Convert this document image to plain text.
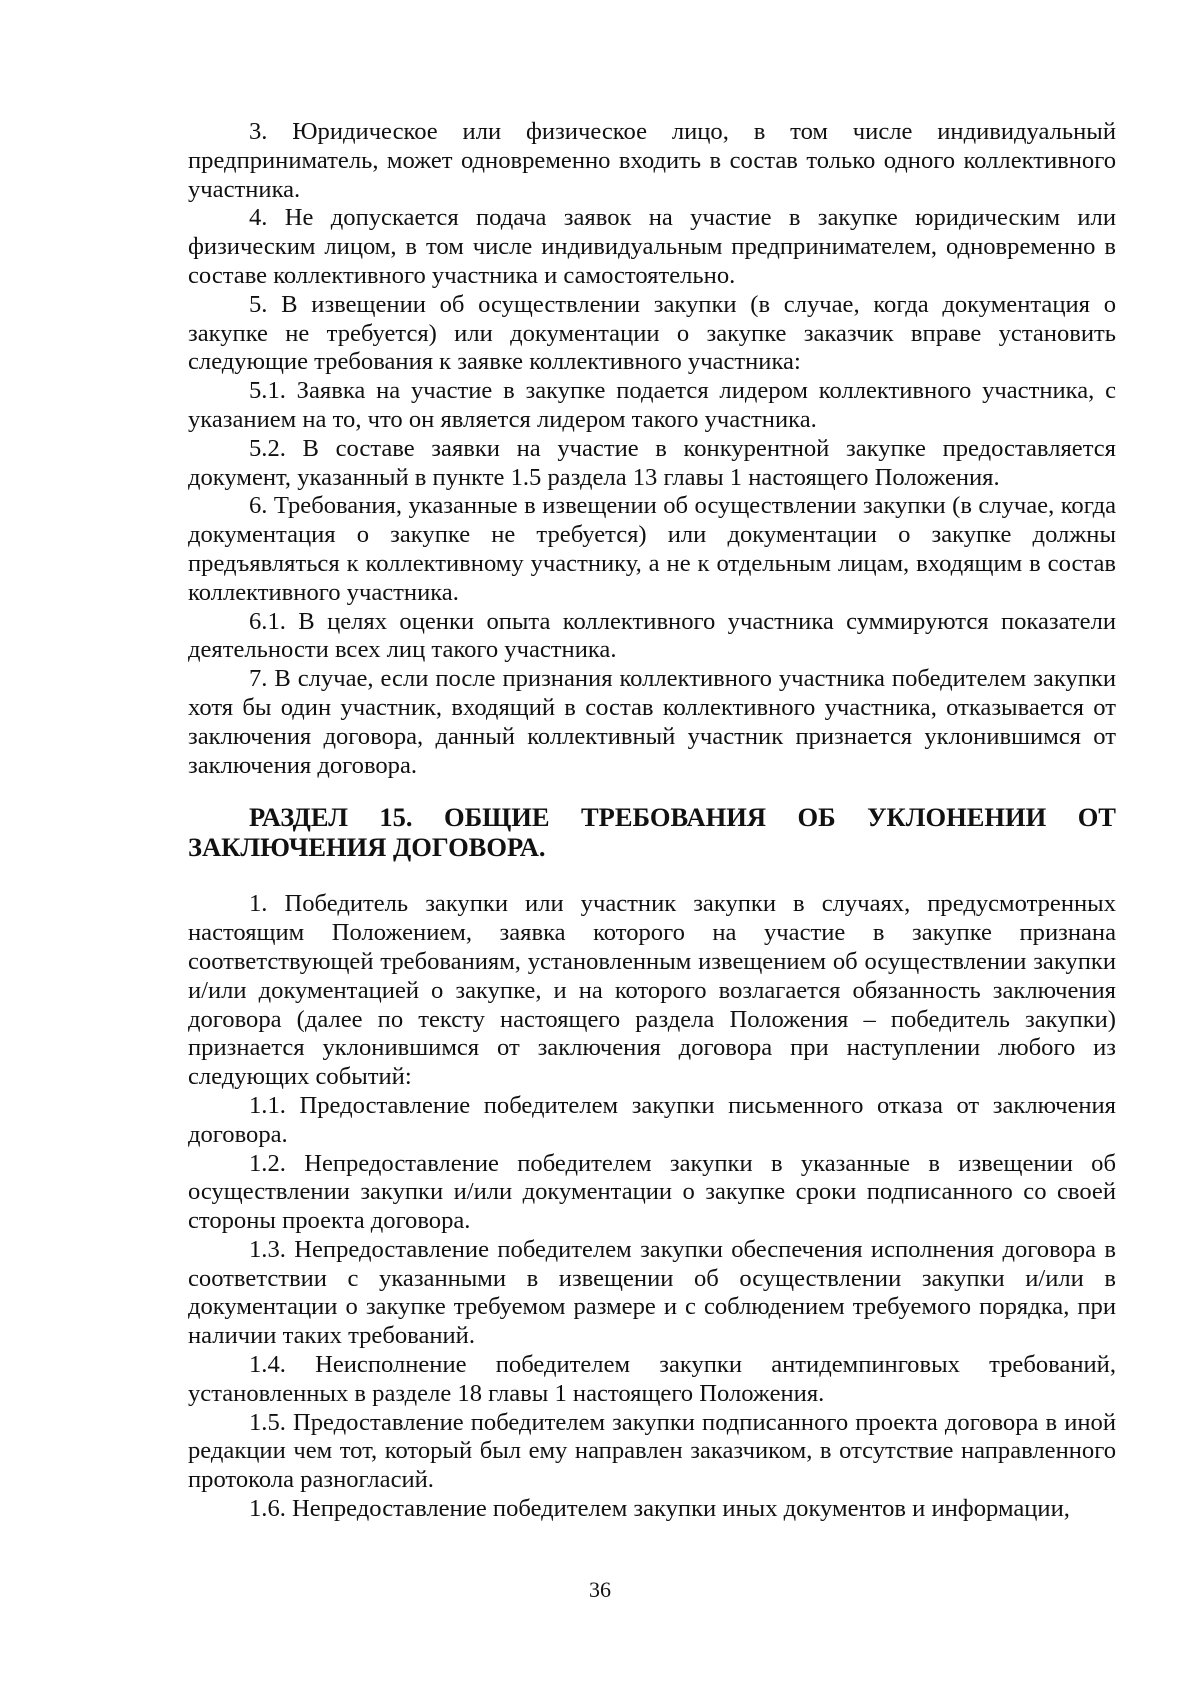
3. Юридическое или физическое лицо, в том числе индивидуальный предприниматель, может одновременно входить в состав только одного коллективного участника.

4. Не допускается подача заявок на участие в закупке юридическим или физическим лицом, в том числе индивидуальным предпринимателем, одновременно в составе коллективного участника и самостоятельно.

5. В извещении об осуществлении закупки (в случае, когда документация о закупке не требуется) или документации о закупке заказчик вправе установить следующие требования к заявке коллективного участника:

5.1. Заявка на участие в закупке подается лидером коллективного участника, с указанием на то, что он является лидером такого участника.

5.2. В составе заявки на участие в конкурентной закупке предоставляется документ, указанный в пункте 1.5 раздела 13 главы 1 настоящего Положения.

6. Требования, указанные в извещении об осуществлении закупки (в случае, когда документация о закупке не требуется) или документации о закупке должны предъявляться к коллективному участнику, а не к отдельным лицам, входящим в состав коллективного участника.

6.1. В целях оценки опыта коллективного участника суммируются показатели деятельности всех лиц такого участника.

7. В случае, если после признания коллективного участника победителем закупки хотя бы один участник, входящий в состав коллективного участника, отказывается от заключения договора, данный коллективный участник признается уклонившимся от заключения договора.

РАЗДЕЛ 15. ОБЩИЕ ТРЕБОВАНИЯ ОБ УКЛОНЕНИИ ОТ ЗАКЛЮЧЕНИЯ ДОГОВОРА.

1. Победитель закупки или участник закупки в случаях, предусмотренных настоящим Положением, заявка которого на участие в закупке признана соответствующей требованиям, установленным извещением об осуществлении закупки и/или документацией о закупке, и на которого возлагается обязанность заключения договора (далее по тексту настоящего раздела Положения – победитель закупки) признается уклонившимся от заключения договора при наступлении любого из следующих событий:

1.1. Предоставление победителем закупки письменного отказа от заключения договора.

1.2. Непредоставление победителем закупки в указанные в извещении об осуществлении закупки и/или документации о закупке сроки подписанного со своей стороны проекта договора.

1.3. Непредоставление победителем закупки обеспечения исполнения договора в соответствии с указанными в извещении об осуществлении закупки и/или в документации о закупке требуемом размере и с соблюдением требуемого порядка, при наличии таких требований.

1.4. Неисполнение победителем закупки антидемпинговых требований, установленных в разделе 18 главы 1 настоящего Положения.

1.5. Предоставление победителем закупки подписанного проекта договора в иной редакции чем тот, который был ему направлен заказчиком, в отсутствие направленного протокола разногласий.

1.6. Непредоставление победителем закупки иных документов и информации,

36
